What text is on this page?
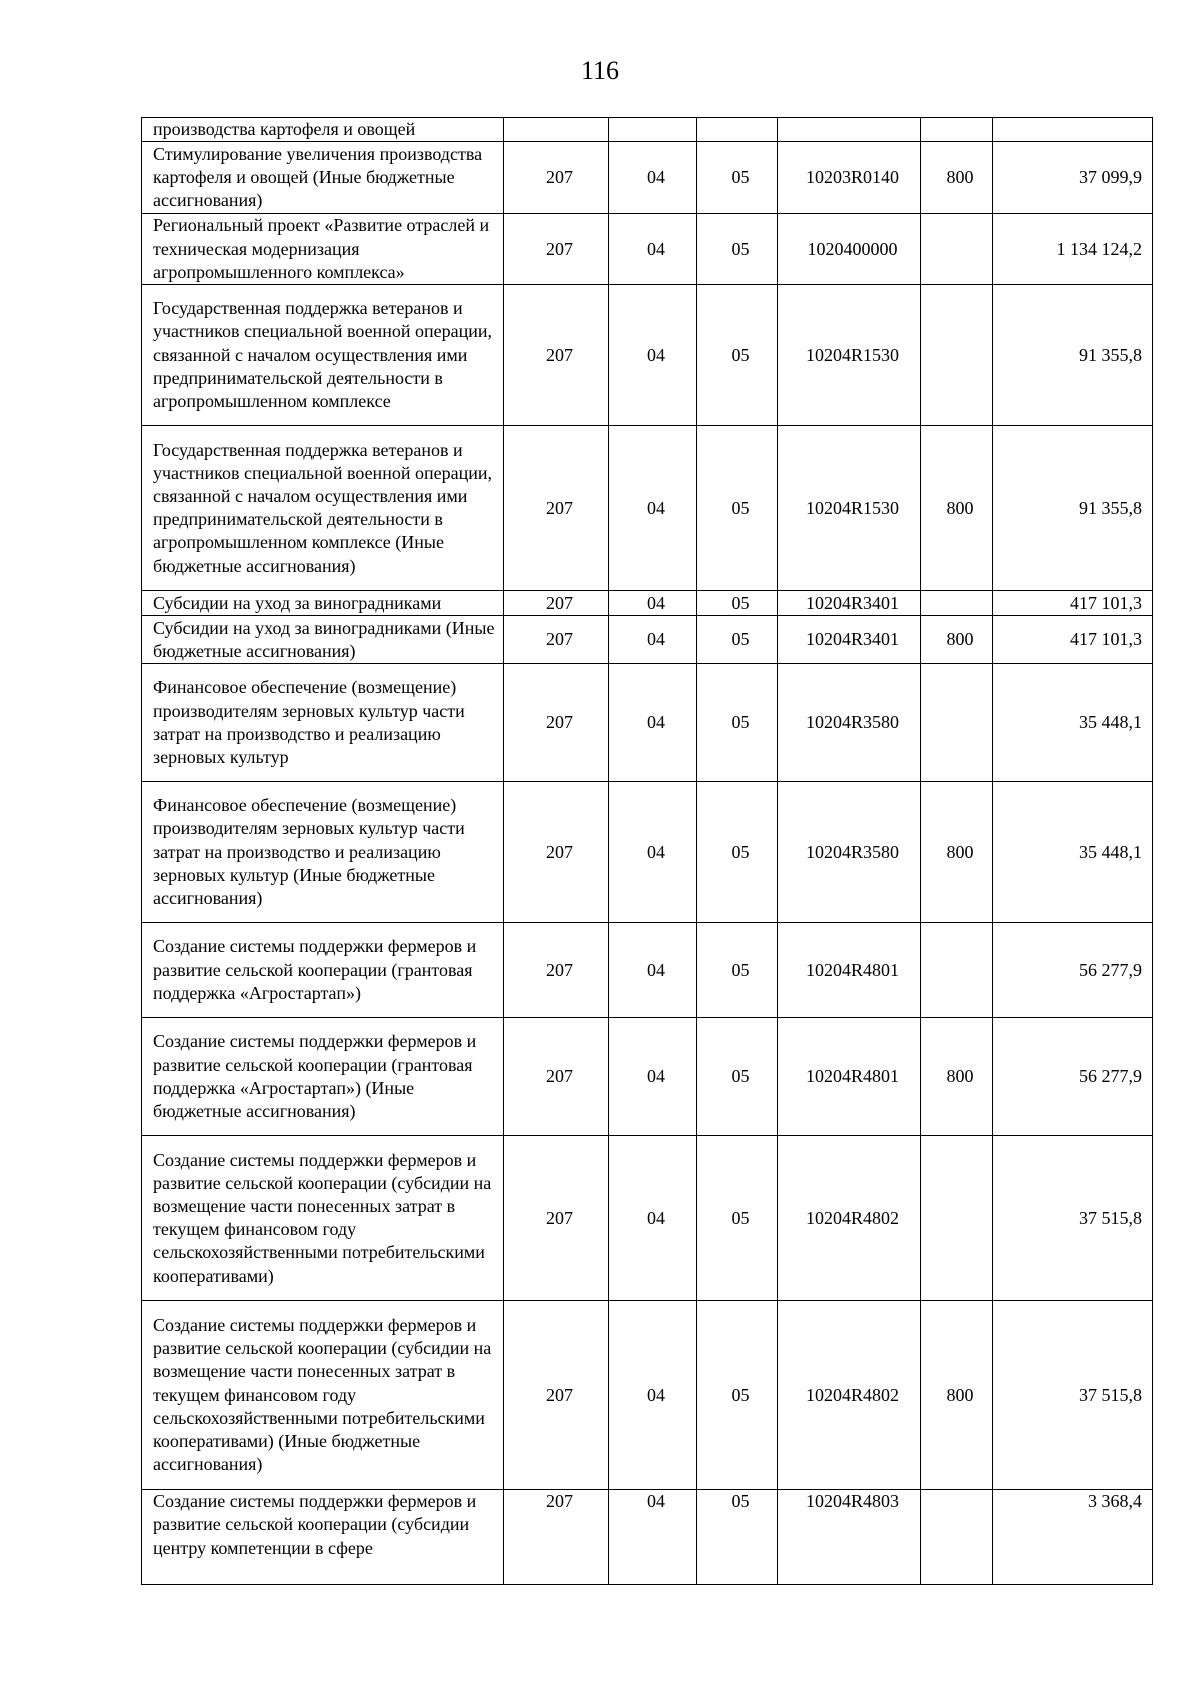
116
производства картофеля и овощей						
Стимулирование увеличения производства картофеля и овощей (Иные бюджетные ассигнования)	207	04	05	10203R0140	800	37 099,9
Региональный проект «Развитие отраслей и техническая модернизация агропромышленного комплекса»	207	04	05	1020400000		1 134 124,2
Государственная поддержка ветеранов и участников специальной военной операции, связанной с началом осуществления ими предпринимательской деятельности в агропромышленном комплексе	207	04	05	10204R1530		91 355,8
Государственная поддержка ветеранов и участников специальной военной операции, связанной с началом осуществления ими предпринимательской деятельности в агропромышленном комплексе (Иные бюджетные ассигнования)	207	04	05	10204R1530	800	91 355,8
Субсидии на уход за виноградниками	207	04	05	10204R3401		417 101,3
Субсидии на уход за виноградниками (Иные бюджетные ассигнования)	207	04	05	10204R3401	800	417 101,3
Финансовое обеспечение (возмещение) производителям зерновых культур части затрат на производство и реализацию зерновых культур	207	04	05	10204R3580		35 448,1
Финансовое обеспечение (возмещение) производителям зерновых культур части затрат на производство и реализацию зерновых культур (Иные бюджетные ассигнования)	207	04	05	10204R3580	800	35 448,1
Создание системы поддержки фермеров и развитие сельской кооперации (грантовая поддержка «Агростартап»)	207	04	05	10204R4801		56 277,9
Создание системы поддержки фермеров и развитие сельской кооперации (грантовая поддержка «Агростартап») (Иные бюджетные ассигнования)	207	04	05	10204R4801	800	56 277,9
Создание системы поддержки фермеров и развитие сельской кооперации (субсидии на возмещение части понесенных затрат в текущем финансовом году сельскохозяйственными потребительскими кооперативами)	207	04	05	10204R4802		37 515,8
Создание системы поддержки фермеров и развитие сельской кооперации (субсидии на возмещение части понесенных затрат в текущем финансовом году сельскохозяйственными потребительскими кооперативами) (Иные бюджетные ассигнования)	207	04	05	10204R4802	800	37 515,8
Создание системы поддержки фермеров и развитие сельской кооперации (субсидии центру компетенции в сфере	207	04	05	10204R4803		3 368,4
